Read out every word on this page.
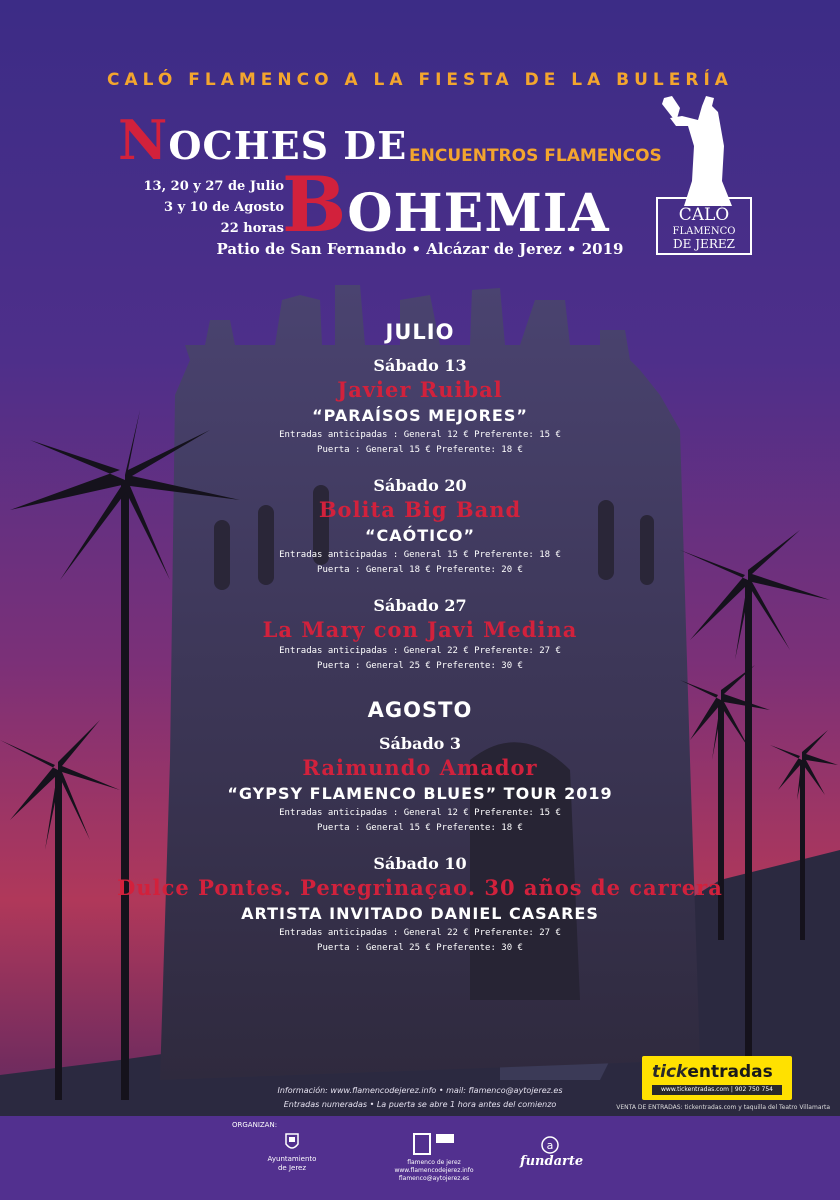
CALÓ FLAMENCO A LA FIESTA DE LA BULERÍA
NOCHES DE ENCUENTROS FLAMENCOS
13, 20 y 27 de Julio
3 y 10 de Agosto
22 horas
BOHEMIA
Patio de San Fernando • Alcázar de Jerez • 2019
CALÓ
FLAMENCO
DE JEREZ
JULIO
Sábado 13
Javier Ruibal
“PARAÍSOS MEJORES”
Entradas anticipadas : General 12 € Preferente: 15 €
Puerta : General 15 € Preferente: 18 €
Sábado 20
Bolita Big Band
“CAÓTICO”
Entradas anticipadas : General 15 € Preferente: 18 €
Puerta : General 18 € Preferente: 20 €
Sábado 27
La Mary con Javi Medina
Entradas anticipadas : General 22 € Preferente: 27 €
Puerta : General 25 € Preferente: 30 €
AGOSTO
Sábado 3
Raimundo Amador
“GYPSY FLAMENCO BLUES” TOUR 2019
Entradas anticipadas : General 12 € Preferente: 15 €
Puerta : General 15 € Preferente: 18 €
Sábado 10
Dulce Pontes. Peregrinaçao. 30 años de carrera
ARTISTA INVITADO DANIEL CASARES
Entradas anticipadas : General 22 € Preferente: 27 €
Puerta : General 25 € Preferente: 30 €
Información: www.flamencodejerez.info • mail: flamenco@aytojerez.es
Entradas numeradas • La puerta se abre 1 hora antes del comienzo
tickentradas
www.tickentradas.com | 902 750 754
VENTA DE ENTRADAS: tickentradas.com y taquilla del Teatro Villamarta
ORGANIZAN:
Ayuntamiento
de Jerez
flamenco de jerez
www.flamencodejerez.info
flamenco@aytojerez.es
a
fundarte
